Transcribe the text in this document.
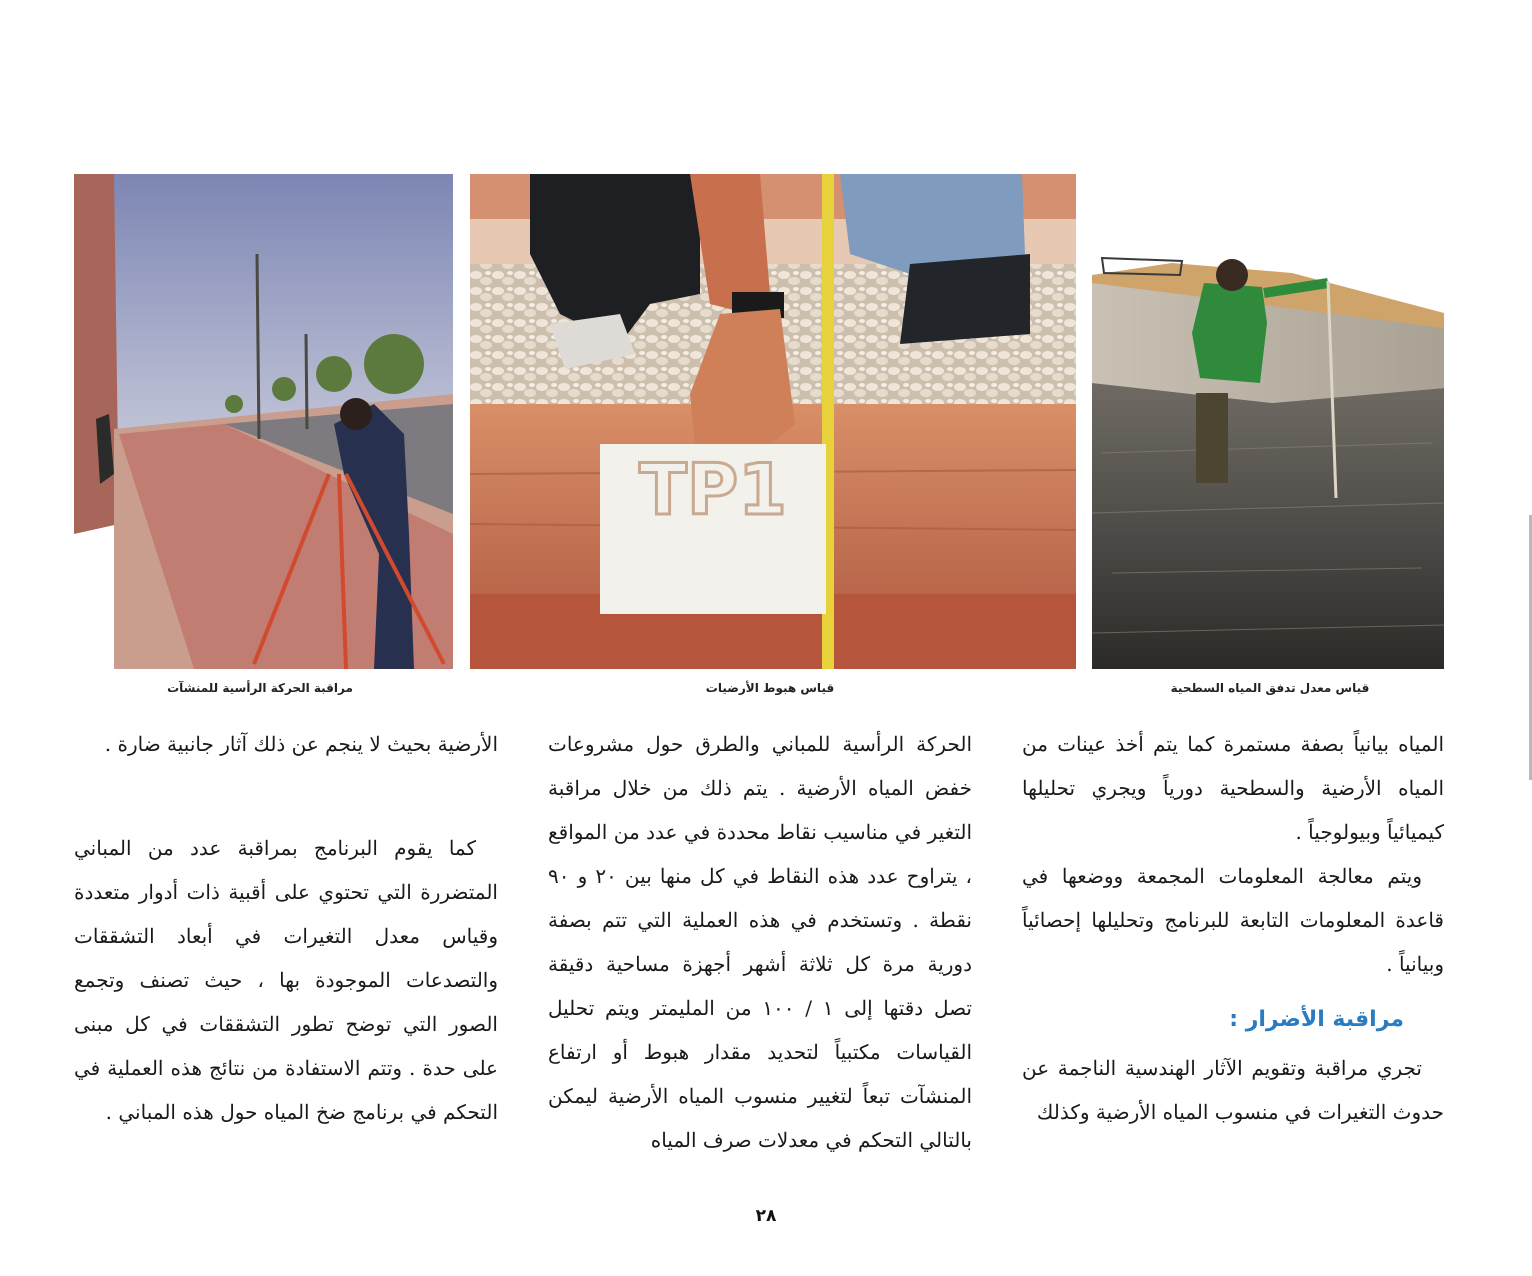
TP1
قياس معدل تدفق المياه السطحية
قياس هبوط الأرضيات
مراقبة الحركة الرأسية للمنشآت

المياه بيانياً بصفة مستمرة كما يتم أخذ عينات من المياه الأرضية والسطحية دورياً ويجري تحليلها كيميائياً وبيولوجياً .

ويتم معالجة المعلومات المجمعة ووضعها في قاعدة المعلومات التابعة للبرنامج وتحليلها إحصائياً وبيانياً .

مراقبة الأضرار :

تجري مراقبة وتقويم الآثار الهندسية الناجمة عن حدوث التغيرات في منسوب المياه الأرضية وكذلك

الحركة الرأسية للمباني والطرق حول مشروعات خفض المياه الأرضية . يتم ذلك من خلال مراقبة التغير في مناسيب نقاط محددة في عدد من المواقع ، يتراوح عدد هذه النقاط في كل منها بين ٢٠ و ٩٠ نقطة . وتستخدم في هذه العملية التي تتم بصفة دورية مرة كل ثلاثة أشهر أجهزة مساحية دقيقة تصل دقتها إلى ١ / ١٠٠ من المليمتر ويتم تحليل القياسات مكتبياً لتحديد مقدار هبوط أو ارتفاع المنشآت تبعاً لتغيير منسوب المياه الأرضية ليمكن بالتالي التحكم في معدلات صرف المياه

الأرضية بحيث لا ينجم عن ذلك آثار جانبية ضارة .

كما يقوم البرنامج بمراقبة عدد من المباني المتضررة التي تحتوي على أقبية ذات أدوار متعددة وقياس معدل التغيرات في أبعاد التشققات والتصدعات الموجودة بها ، حيث تصنف وتجمع الصور التي توضح تطور التشققات في كل مبنى على حدة . وتتم الاستفادة من نتائج هذه العملية في التحكم في برنامج ضخ المياه حول هذه المباني .

٢٨
